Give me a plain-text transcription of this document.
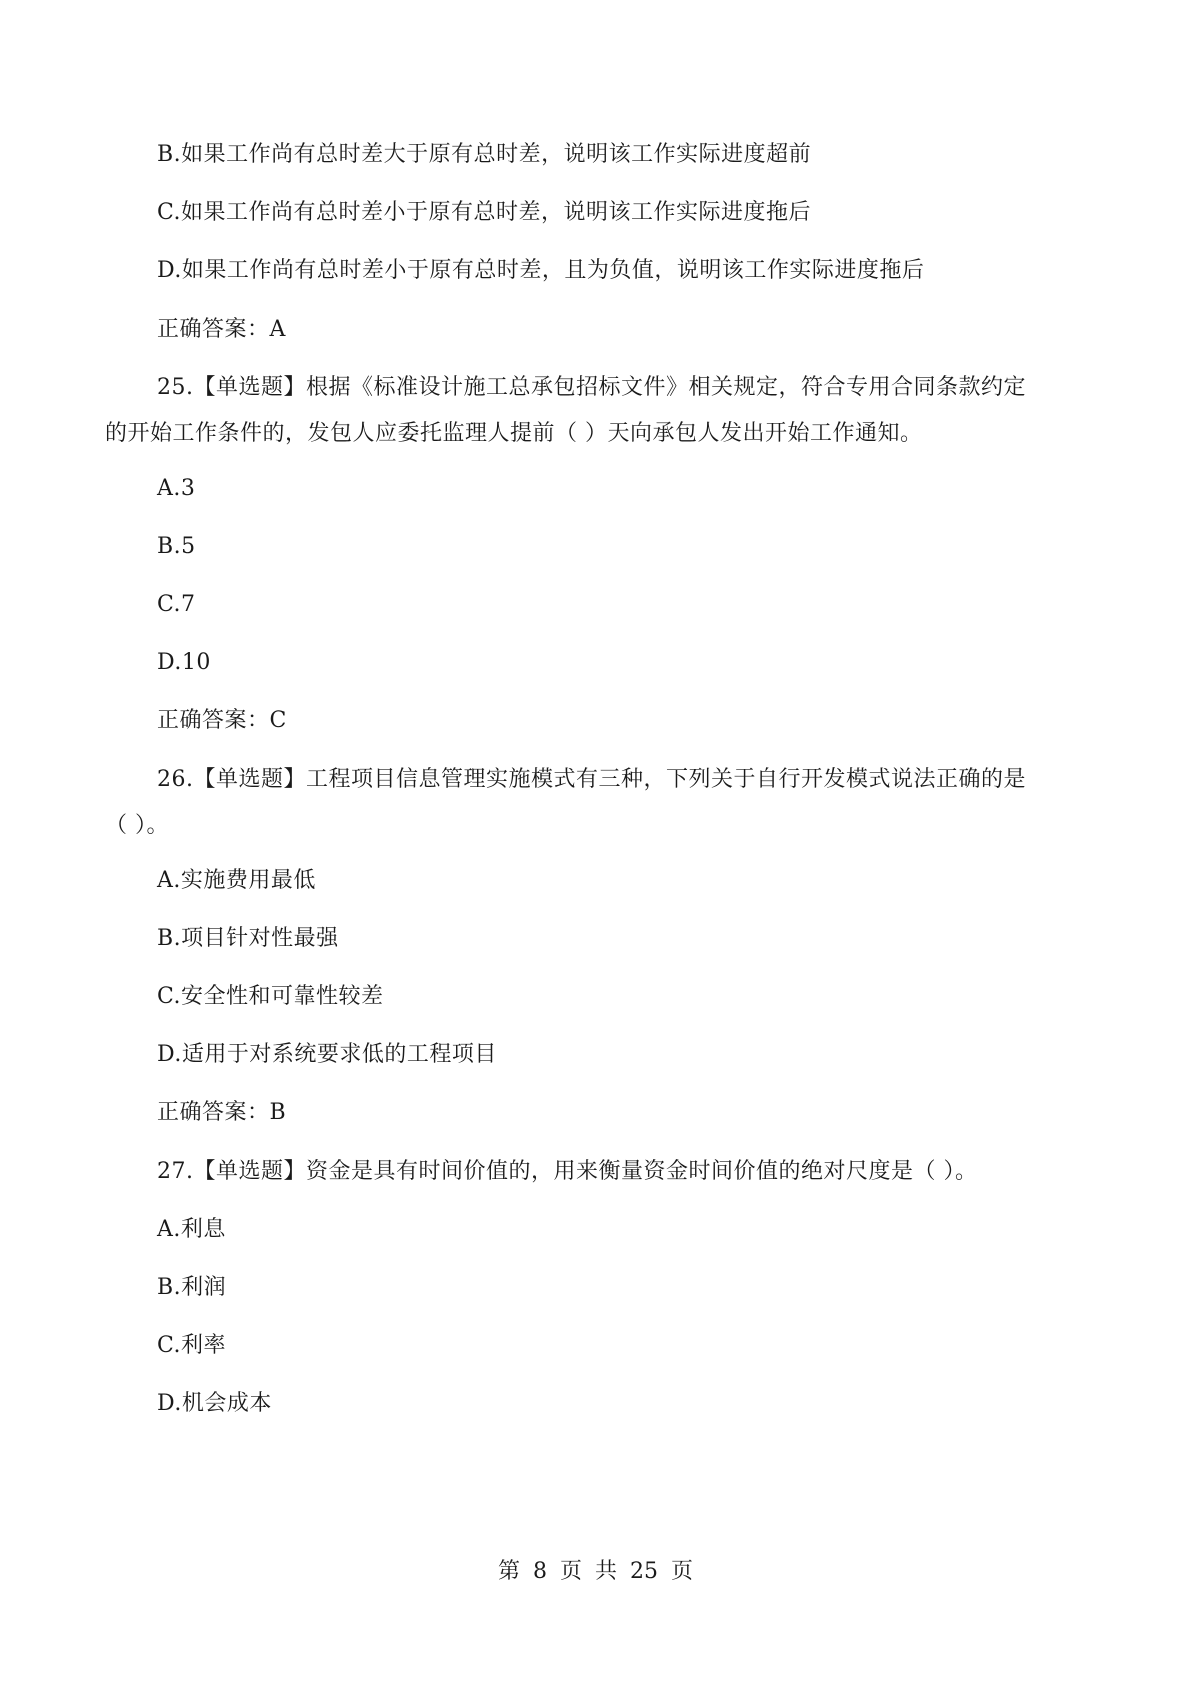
B.如果工作尚有总时差大于原有总时差，说明该工作实际进度超前
C.如果工作尚有总时差小于原有总时差，说明该工作实际进度拖后
D.如果工作尚有总时差小于原有总时差，且为负值，说明该工作实际进度拖后
正确答案：A
25.【单选题】根据《标准设计施工总承包招标文件》相关规定，符合专用合同条款约定
的开始工作条件的，发包人应委托监理人提前（ ）天向承包人发出开始工作通知。
A.3
B.5
C.7
D.10
正确答案：C
26.【单选题】工程项目信息管理实施模式有三种，下列关于自行开发模式说法正确的是
（ ）。
A.实施费用最低
B.项目针对性最强
C.安全性和可靠性较差
D.适用于对系统要求低的工程项目
正确答案：B
27.【单选题】资金是具有时间价值的，用来衡量资金时间价值的绝对尺度是（ ）。
A.利息
B.利润
C.利率
D.机会成本
第 8 页 共 25 页
